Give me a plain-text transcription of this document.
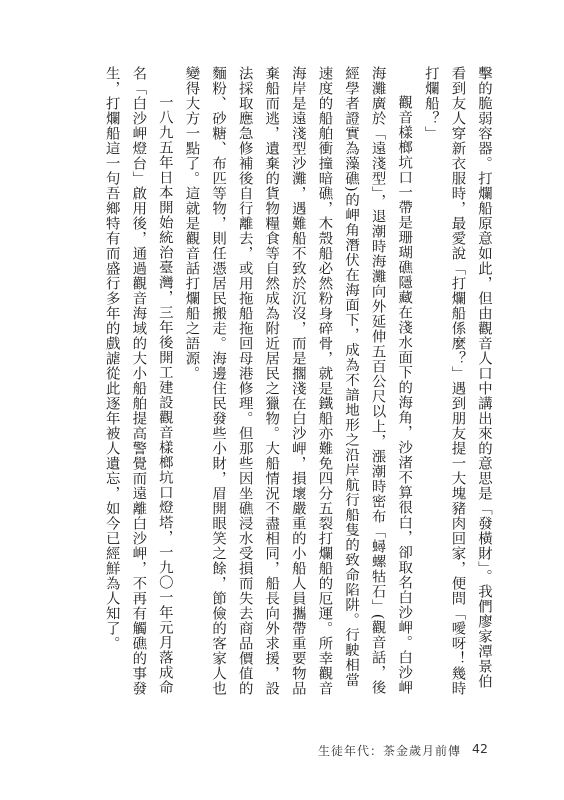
擊的脆弱容器。打爛船原意如此，但由觀音人口中講出來的意思是「發橫財」。我們廖家潭景伯看到友人穿新衣服時，最愛說「打爛船係麼？」遇到朋友提一大塊豬肉回家，便問「噯呀！幾時打爛船？」

觀音樣榔坑口一帶是珊瑚礁隱藏在淺水面下的海角，沙渚不算很白，卻取名白沙岬。白沙岬海灘廣於「遠淺型」，退潮時海灘向外延伸五百公尺以上，漲潮時密布「蟳螺牯石」(觀音話，後經學者證實為藻礁)的岬角潛伏在海面下，成為不諳地形之沿岸航行船隻的致命陷阱。行駛相當速度的船舶衝撞暗礁，木殼船必然粉身碎骨，就是鐵船亦難免四分五裂打爛船的厄運。所幸觀音海岸是遠淺型沙灘，遇難船不致於沉沒，而是擱淺在白沙岬，損壞嚴重的小船人員攜帶重要物品棄船而逃，遺棄的貨物糧食等自然成為附近居民之獵物。大船情況不盡相同，船長向外求援，設法採取應急修補後自行離去，或用拖船拖回母港修理。但那些因坐礁浸水受損而失去商品價值的麵粉、砂糖、布匹等物，則任憑居民搬走。海邊住民發些小財，眉開眼笑之餘，節儉的客家人也變得大方一點了。這就是觀音話打爛船之語源。

一八九五年日本開始統治臺灣，三年後開工建設觀音樣榔坑口燈塔，一九〇一年元月落成命名「白沙岬燈台」啟用後，通過觀音海域的大小船舶提高警覺而遠離白沙岬，不再有觸礁的事發生，打爛船這一句吾鄉特有而盛行多年的戲謔從此逐年被人遺忘，如今已經鮮為人知了。

生徒年代：茶金歲月前傳 42
